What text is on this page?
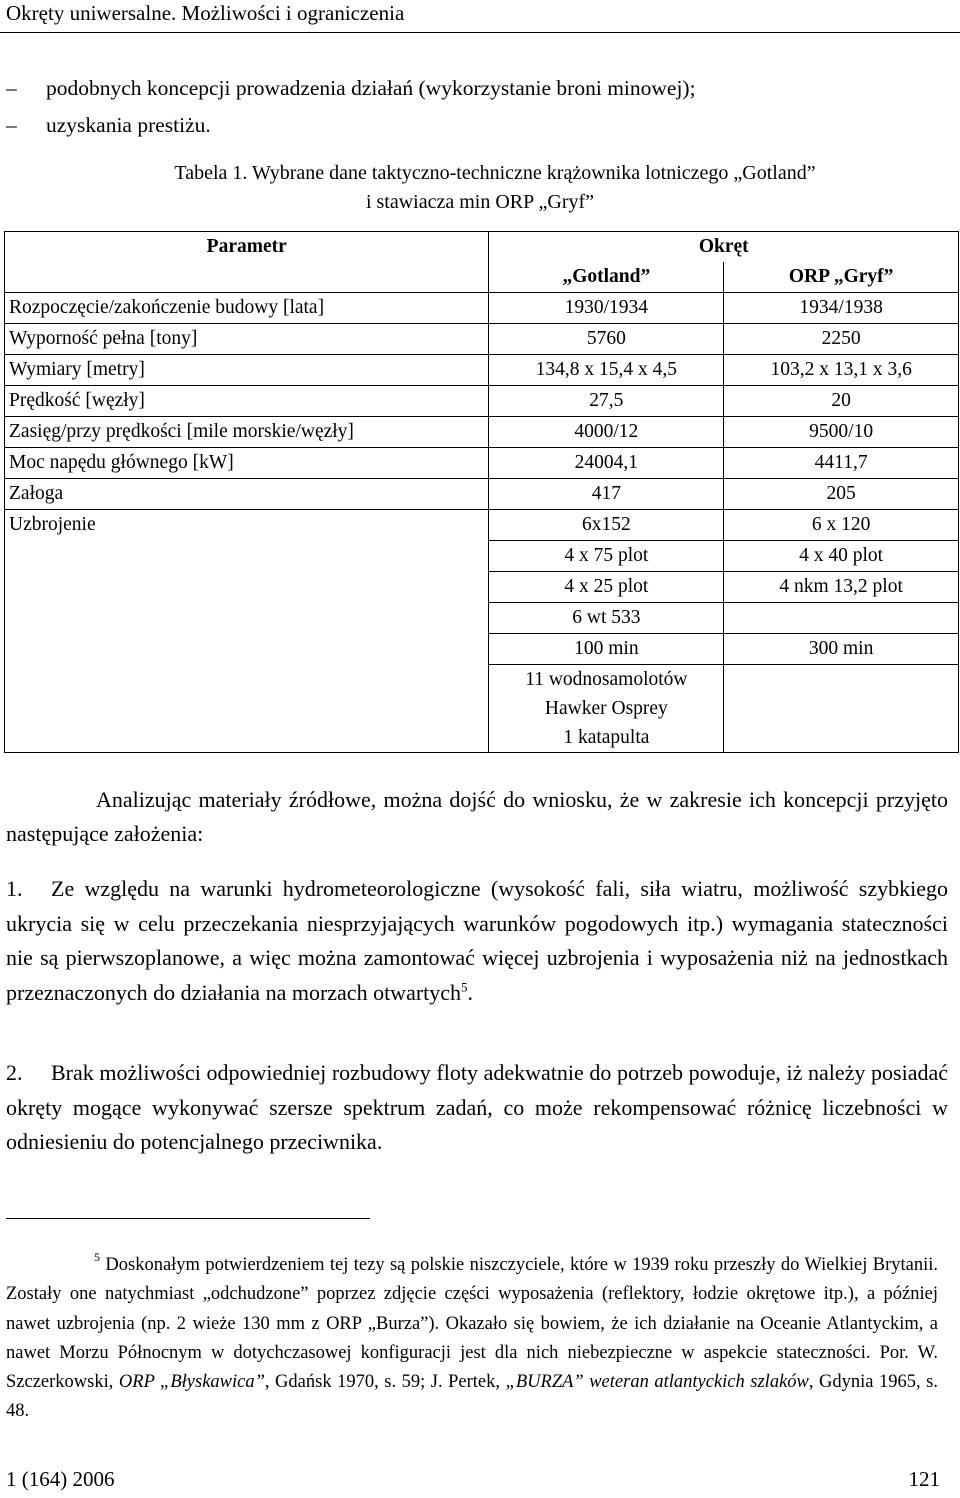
Okręty uniwersalne. Możliwości i ograniczenia
– podobnych koncepcji prowadzenia działań (wykorzystanie broni minowej);
– uzyskania prestiżu.
Tabela 1. Wybrane dane taktyczno-techniczne krążownika lotniczego „Gotland”
i stawiacza min ORP „Gryf”
Parametr	Okręt	
	„Gotland”	ORP „Gryf”
Rozpoczęcie/zakończenie budowy [lata]	1930/1934	1934/1938
Wyporność pełna [tony]	5760	2250
Wymiary [metry]	134,8 x 15,4 x 4,5	103,2 x 13,1 x 3,6
Prędkość [węzły]	27,5	20
Zasięg/przy prędkości [mile morskie/węzły]	4000/12	9500/10
Moc napędu głównego [kW]	24004,1	4411,7
Załoga	417	205
Uzbrojenie	6x152	6 x 120
	4 x 75 plot	4 x 40 plot
	4 x 25 plot	4 nkm 13,2 plot
	6 wt 533	
	100 min	300 min

	11 wodnosamolotów
Hawker Osprey
1 katapulta	

Analizując materiały źródłowe, można dojść do wniosku, że w zakresie ich koncepcji przyjęto następujące założenia:
1.	Ze względu na warunki hydrometeorologiczne (wysokość fali, siła wiatru, możliwość szybkiego ukrycia się w celu przeczekania niesprzyjających warunków pogodowych itp.) wymagania stateczności nie są pierwszoplanowe, a więc można zamontować więcej uzbrojenia i wyposażenia niż na jednostkach przeznaczonych do działania na morzach otwartych$^5$.
2.	Brak możliwości odpowiedniej rozbudowy floty adekwatnie do potrzeb powoduje, iż należy posiadać okręty mogące wykonywać szersze spektrum zadań, co może rekompensować różnicę liczebności w odniesieniu do potencjalnego przeciwnika.
$^5$ Doskonałym potwierdzeniem tej tezy są polskie niszczyciele, które w 1939 roku przeszły do Wielkiej Brytanii. Zostały one natychmiast „odchudzone” poprzez zdjęcie części wyposażenia (reflektory, łodzie okrętowe itp.), a później nawet uzbrojenia (np. 2 wieże 130 mm z ORP „Burza”). Okazało się bowiem, że ich działanie na Oceanie Atlantyckim, a nawet Morzu Północnym w dotychczasowej konfiguracji jest dla nich niebezpieczne w aspekcie stateczności. Por. W. Szczerkowski, ORP „Błyskawica”, Gdańsk 1970, s. 59; J. Pertek, „BURZA” weteran atlantyckich szlaków, Gdynia 1965, s. 48.
1 (164) 2006	121
